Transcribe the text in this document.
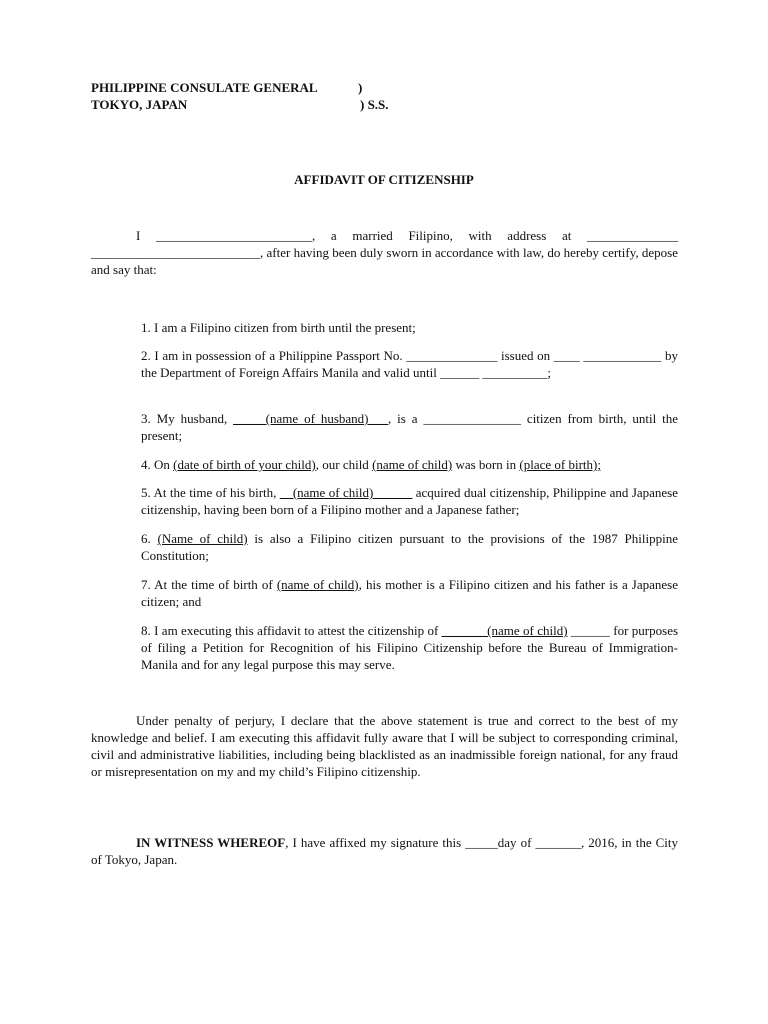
PHILIPPINE CONSULATE GENERAL	)
TOKYO, JAPAN	) S.S.
AFFIDAVIT OF CITIZENSHIP
I ________________________, a married Filipino, with address at ______________ __________________________, after having been duly sworn in accordance with law, do hereby certify, depose and say that:
1. I am a Filipino citizen from birth until the present;
2. I am in possession of a Philippine Passport No. ______________ issued on ____ ____________ by the Department of Foreign Affairs Manila and valid until ______ __________;
3. My husband, _____(name of husband)___, is a _______________ citizen from birth, until the present;
4. On (date of birth of your child), our child (name of child) was born in (place of birth);
5. At the time of his birth, __(name of child)______ acquired dual citizenship, Philippine and Japanese citizenship, having been born of a Filipino mother and a Japanese father;
6. (Name of child) is also a Filipino citizen pursuant to the provisions of the 1987 Philippine Constitution;
7. At the time of birth of (name of child), his mother is a Filipino citizen and his father is a Japanese citizen; and
8. I am executing this affidavit to attest the citizenship of _______(name of child) ______ for purposes of filing a Petition for Recognition of his Filipino Citizenship before the Bureau of Immigration-Manila and for any legal purpose this may serve.
Under penalty of perjury, I declare that the above statement is true and correct to the best of my knowledge and belief. I am executing this affidavit fully aware that I will be subject to corresponding criminal, civil and administrative liabilities, including being blacklisted as an inadmissible foreign national, for any fraud or misrepresentation on my and my child’s Filipino citizenship.
IN WITNESS WHEREOF, I have affixed my signature this _____day of _______, 2016, in the City of Tokyo, Japan.
